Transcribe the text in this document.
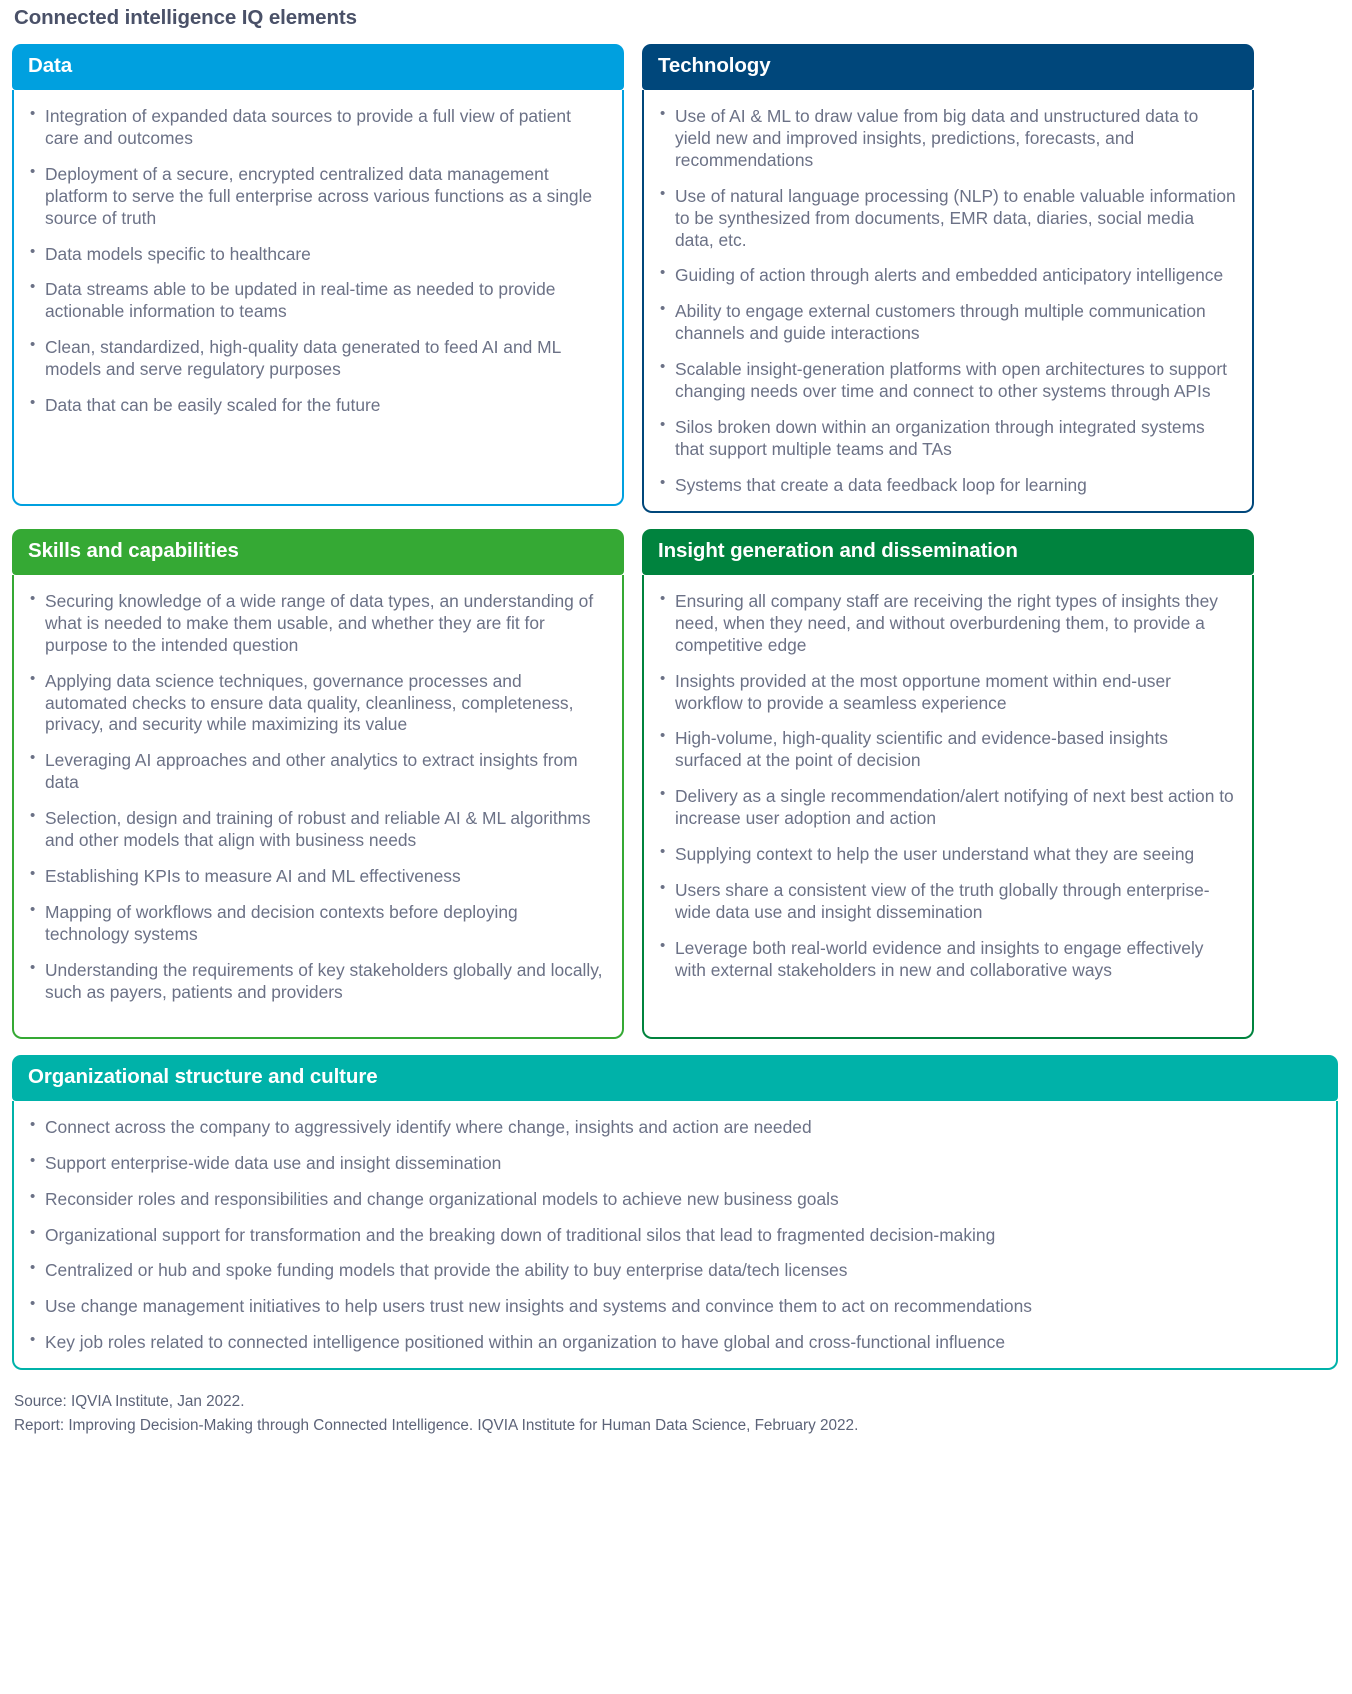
Connected intelligence IQ elements
Data
• Integration of expanded data sources to provide a full view of patient care and outcomes
• Deployment of a secure, encrypted centralized data management platform to serve the full enterprise across various functions as a single source of truth
• Data models specific to healthcare
• Data streams able to be updated in real-time as needed to provide actionable information to teams
• Clean, standardized, high-quality data generated to feed AI and ML models and serve regulatory purposes
• Data that can be easily scaled for the future
Technology
• Use of AI & ML to draw value from big data and unstructured data to yield new and improved insights, predictions, forecasts, and recommendations
• Use of natural language processing (NLP) to enable valuable information to be synthesized from documents, EMR data, diaries, social media data, etc.
• Guiding of action through alerts and embedded anticipatory intelligence
• Ability to engage external customers through multiple communication channels and guide interactions
• Scalable insight-generation platforms with open architectures to support changing needs over time and connect to other systems through APIs
• Silos broken down within an organization through integrated systems that support multiple teams and TAs
• Systems that create a data feedback loop for learning
Skills and capabilities
• Securing knowledge of a wide range of data types, an understanding of what is needed to make them usable, and whether they are fit for purpose to the intended question
• Applying data science techniques, governance processes and automated checks to ensure data quality, cleanliness, completeness, privacy, and security while maximizing its value
• Leveraging AI approaches and other analytics to extract insights from data
• Selection, design and training of robust and reliable AI & ML algorithms and other models that align with business needs
• Establishing KPIs to measure AI and ML effectiveness
• Mapping of workflows and decision contexts before deploying technology systems
• Understanding the requirements of key stakeholders globally and locally, such as payers, patients and providers
Insight generation and dissemination
• Ensuring all company staff are receiving the right types of insights they need, when they need, and without overburdening them, to provide a competitive edge
• Insights provided at the most opportune moment within end-user workflow to provide a seamless experience
• High-volume, high-quality scientific and evidence-based insights surfaced at the point of decision
• Delivery as a single recommendation/alert notifying of next best action to increase user adoption and action
• Supplying context to help the user understand what they are seeing
• Users share a consistent view of the truth globally through enterprise-wide data use and insight dissemination
• Leverage both real-world evidence and insights to engage effectively with external stakeholders in new and collaborative ways
Organizational structure and culture
• Connect across the company to aggressively identify where change, insights and action are needed
• Support enterprise-wide data use and insight dissemination
• Reconsider roles and responsibilities and change organizational models to achieve new business goals
• Organizational support for transformation and the breaking down of traditional silos that lead to fragmented decision-making
• Centralized or hub and spoke funding models that provide the ability to buy enterprise data/tech licenses
• Use change management initiatives to help users trust new insights and systems and convince them to act on recommendations
• Key job roles related to connected intelligence positioned within an organization to have global and cross-functional influence
Source: IQVIA Institute, Jan 2022.
Report: Improving Decision-Making through Connected Intelligence. IQVIA Institute for Human Data Science, February 2022.
